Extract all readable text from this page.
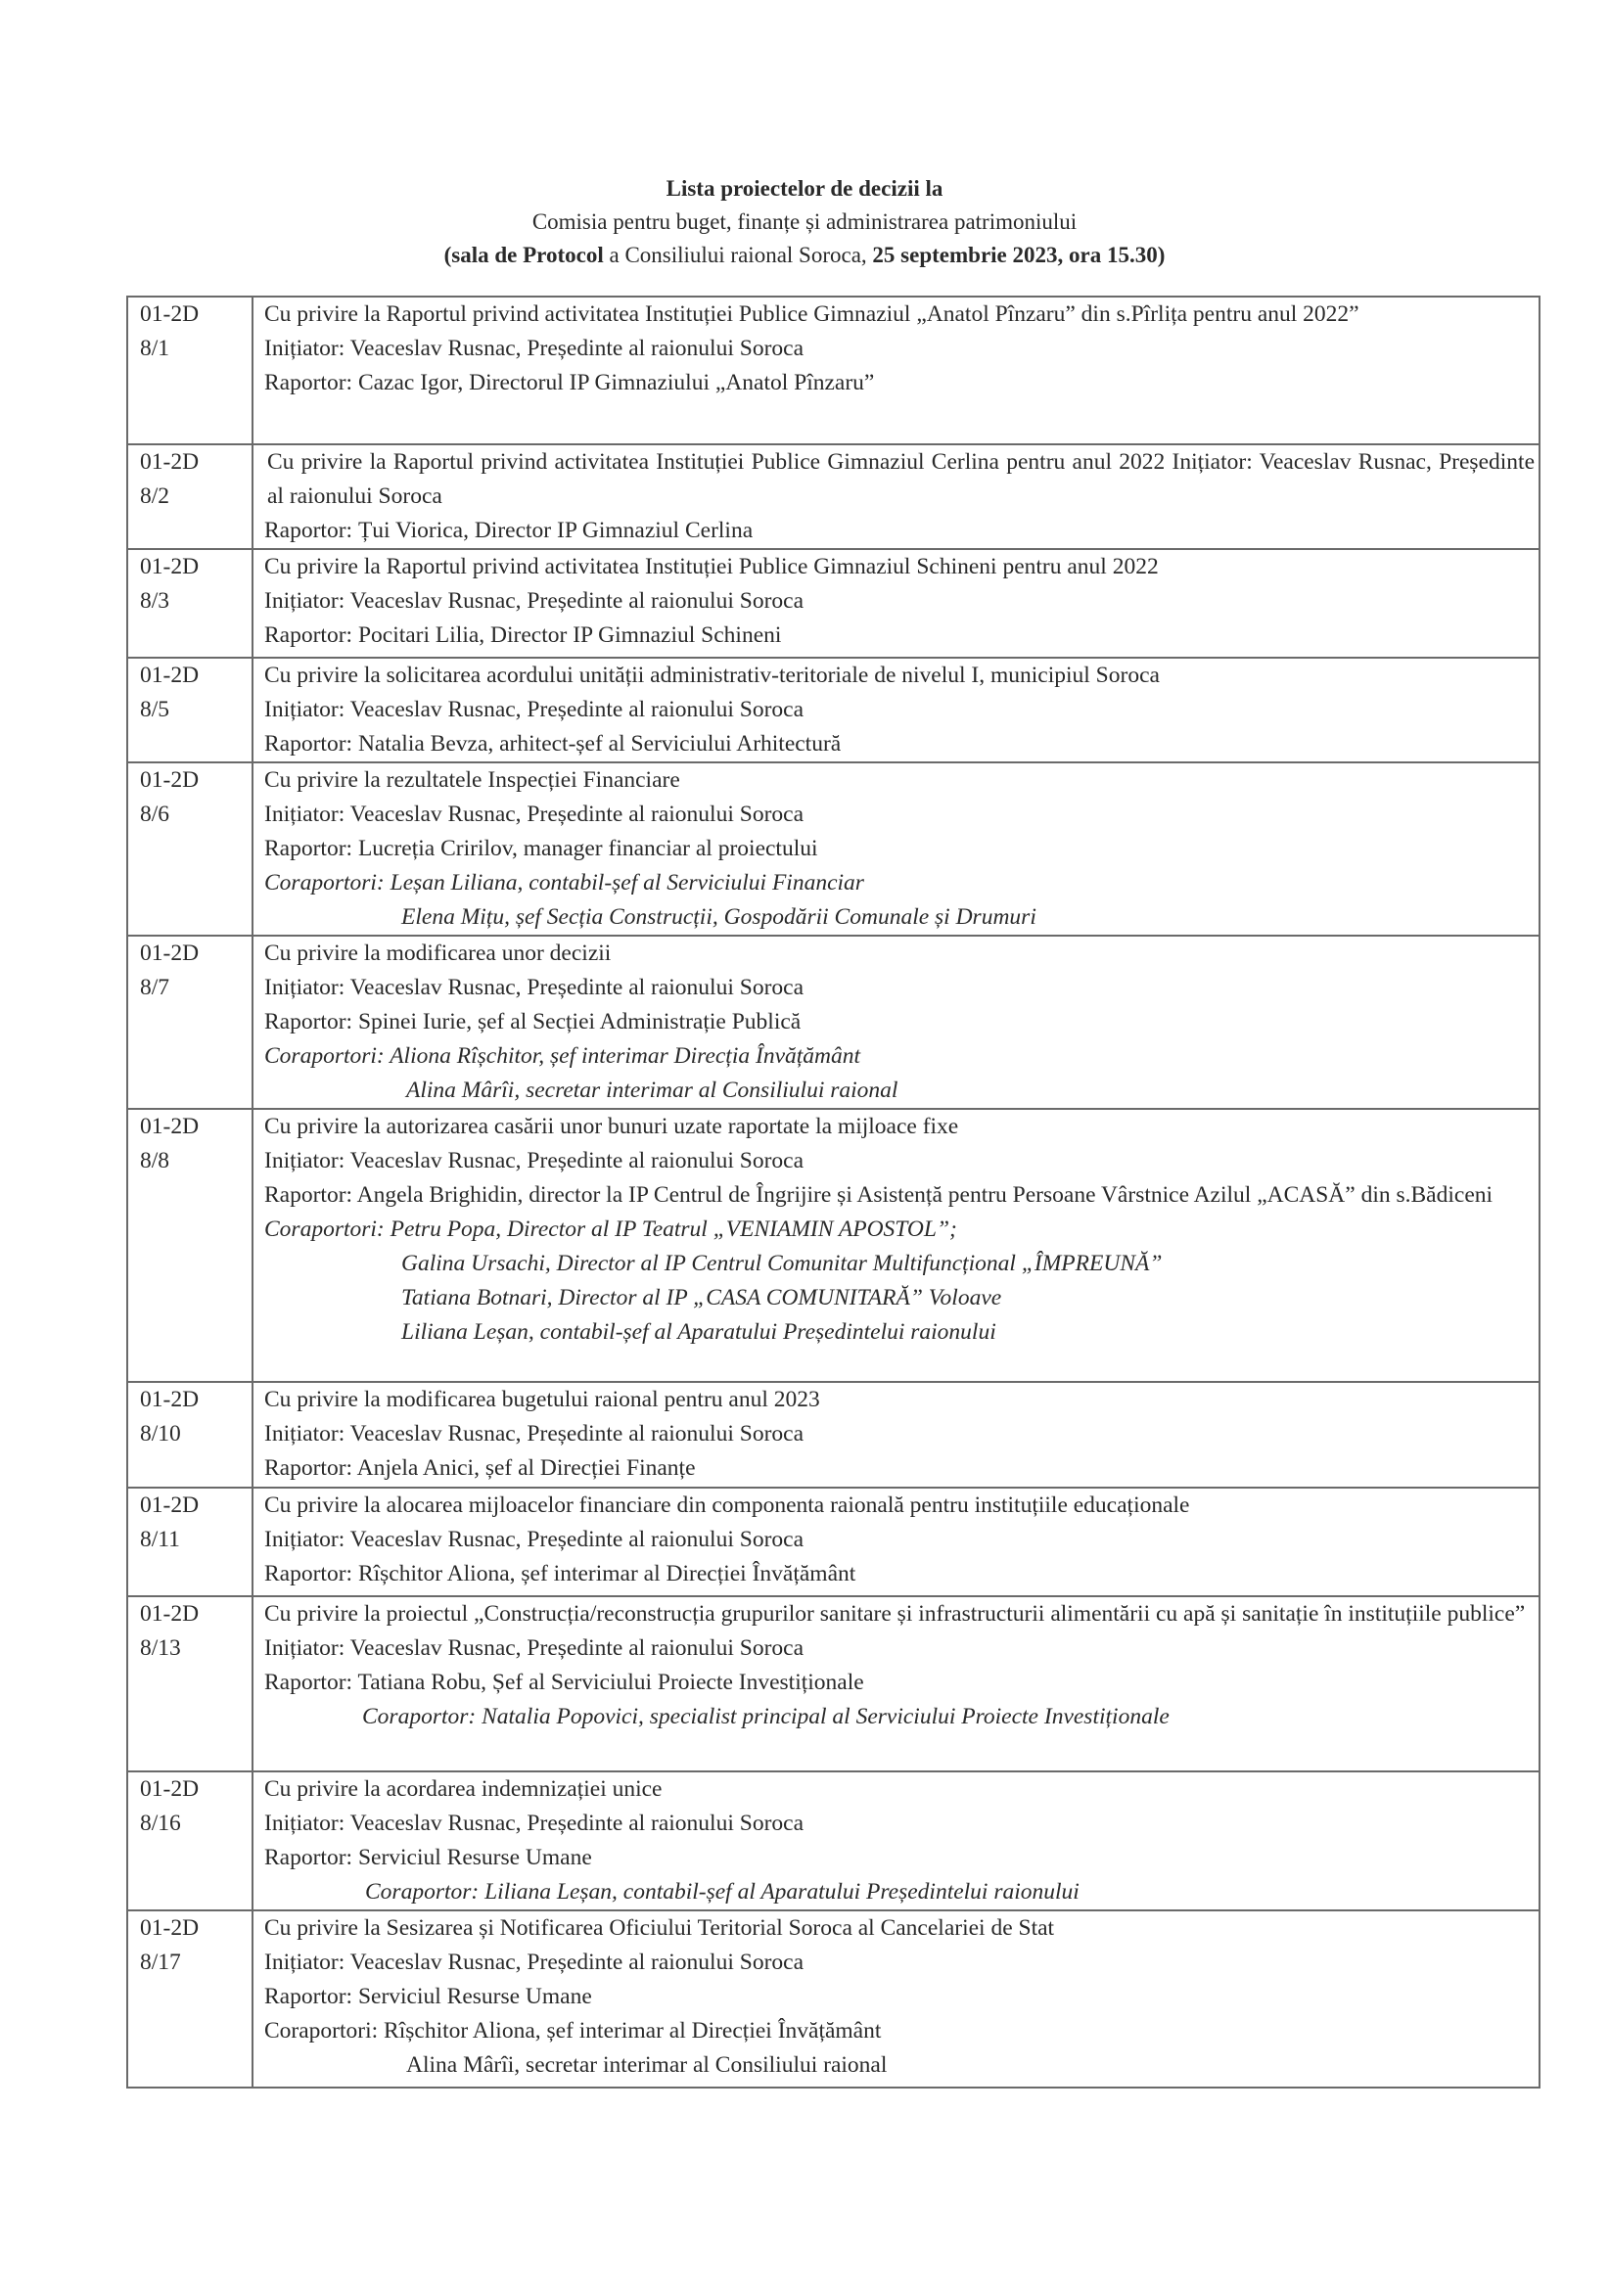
Lista proiectelor de decizii la
Comisia pentru buget, finanțe și administrarea patrimoniului
(sala de Protocol a Consiliului raional Soroca, 25 septembrie 2023, ora 15.30)
01-2D
8/1

Cu privire la Raportul privind activitatea Instituției Publice Gimnaziul „Anatol Pînzaru” din s.Pîrlița pentru anul 2022”
Inițiator: Veaceslav Rusnac, Președinte al raionului Soroca
Raportor: Cazac Igor, Directorul IP Gimnaziului „Anatol Pînzaru”

01-2D
8/2

Cu privire la Raportul privind activitatea Instituției Publice Gimnaziul Cerlina pentru anul 2022 Inițiator: Veaceslav Rusnac, Președinte al raionului Soroca
Raportor: Țui Viorica, Director IP Gimnaziul Cerlina

01-2D
8/3

Cu privire la Raportul privind activitatea Instituției Publice Gimnaziul Schineni pentru anul 2022
Inițiator: Veaceslav Rusnac, Președinte al raionului Soroca
Raportor: Pocitari Lilia, Director IP Gimnaziul Schineni

01-2D
8/5

Cu privire la solicitarea acordului unității administrativ-teritoriale de nivelul I, municipiul Soroca
Inițiator: Veaceslav Rusnac, Președinte al raionului Soroca
Raportor: Natalia Bevza, arhitect-șef al Serviciului Arhitectură

01-2D
8/6

Cu privire la rezultatele Inspecției Financiare
Inițiator: Veaceslav Rusnac, Președinte al raionului Soroca
Raportor: Lucreția Cririlov, manager financiar al proiectului
Coraportori: Leșan Liliana, contabil-șef al Serviciului Financiar
Elena Mițu, șef Secția Construcții, Gospodării Comunale și Drumuri

01-2D
8/7

Cu privire la modificarea unor decizii
Inițiator: Veaceslav Rusnac, Președinte al raionului Soroca
Raportor: Spinei Iurie, șef al Secției Administrație Publică
Coraportori: Aliona Rîșchitor, șef interimar Direcția Învățământ
Alina Mârîi, secretar interimar al Consiliului raional

01-2D
8/8

Cu privire la autorizarea casării unor bunuri uzate raportate la mijloace fixe
Inițiator: Veaceslav Rusnac, Președinte al raionului Soroca
Raportor: Angela Brighidin, director la IP Centrul de Îngrijire și Asistență pentru Persoane Vârstnice Azilul „ACASĂ” din s.Bădiceni
Coraportori: Petru Popa, Director al IP Teatrul „VENIAMIN APOSTOL”;
Galina Ursachi, Director al IP Centrul Comunitar Multifuncțional „ÎMPREUNĂ”
Tatiana Botnari, Director al IP „CASA COMUNITARĂ” Voloave
Liliana Leșan, contabil-șef al Aparatului Președintelui raionului

01-2D
8/10

Cu privire la modificarea bugetului raional pentru anul 2023
Inițiator: Veaceslav Rusnac, Președinte al raionului Soroca
Raportor: Anjela Anici, șef al Direcției Finanțe

01-2D
8/11

Cu privire la alocarea mijloacelor financiare din componenta raională pentru instituțiile educaționale
Inițiator: Veaceslav Rusnac, Președinte al raionului Soroca
Raportor: Rîșchitor Aliona, șef interimar al Direcției Învățământ

01-2D
8/13

Cu privire la proiectul „Construcția/reconstrucția grupurilor sanitare și infrastructurii alimentării cu apă și sanitație în instituțiile publice”
Inițiator: Veaceslav Rusnac, Președinte al raionului Soroca
Raportor: Tatiana Robu, Șef al Serviciului Proiecte Investiționale
Coraportor: Natalia Popovici, specialist principal al Serviciului Proiecte Investiționale

01-2D
8/16

Cu privire la acordarea indemnizației unice
Inițiator: Veaceslav Rusnac, Președinte al raionului Soroca
Raportor: Serviciul Resurse Umane
Coraportor: Liliana Leșan, contabil-șef al Aparatului Președintelui raionului

01-2D
8/17

Cu privire la Sesizarea și Notificarea Oficiului Teritorial Soroca al Cancelariei de Stat
Inițiator: Veaceslav Rusnac, Președinte al raionului Soroca
Raportor: Serviciul Resurse Umane
Coraportori: Rîșchitor Aliona, șef interimar al Direcției Învățământ
Alina Mârîi, secretar interimar al Consiliului raional
